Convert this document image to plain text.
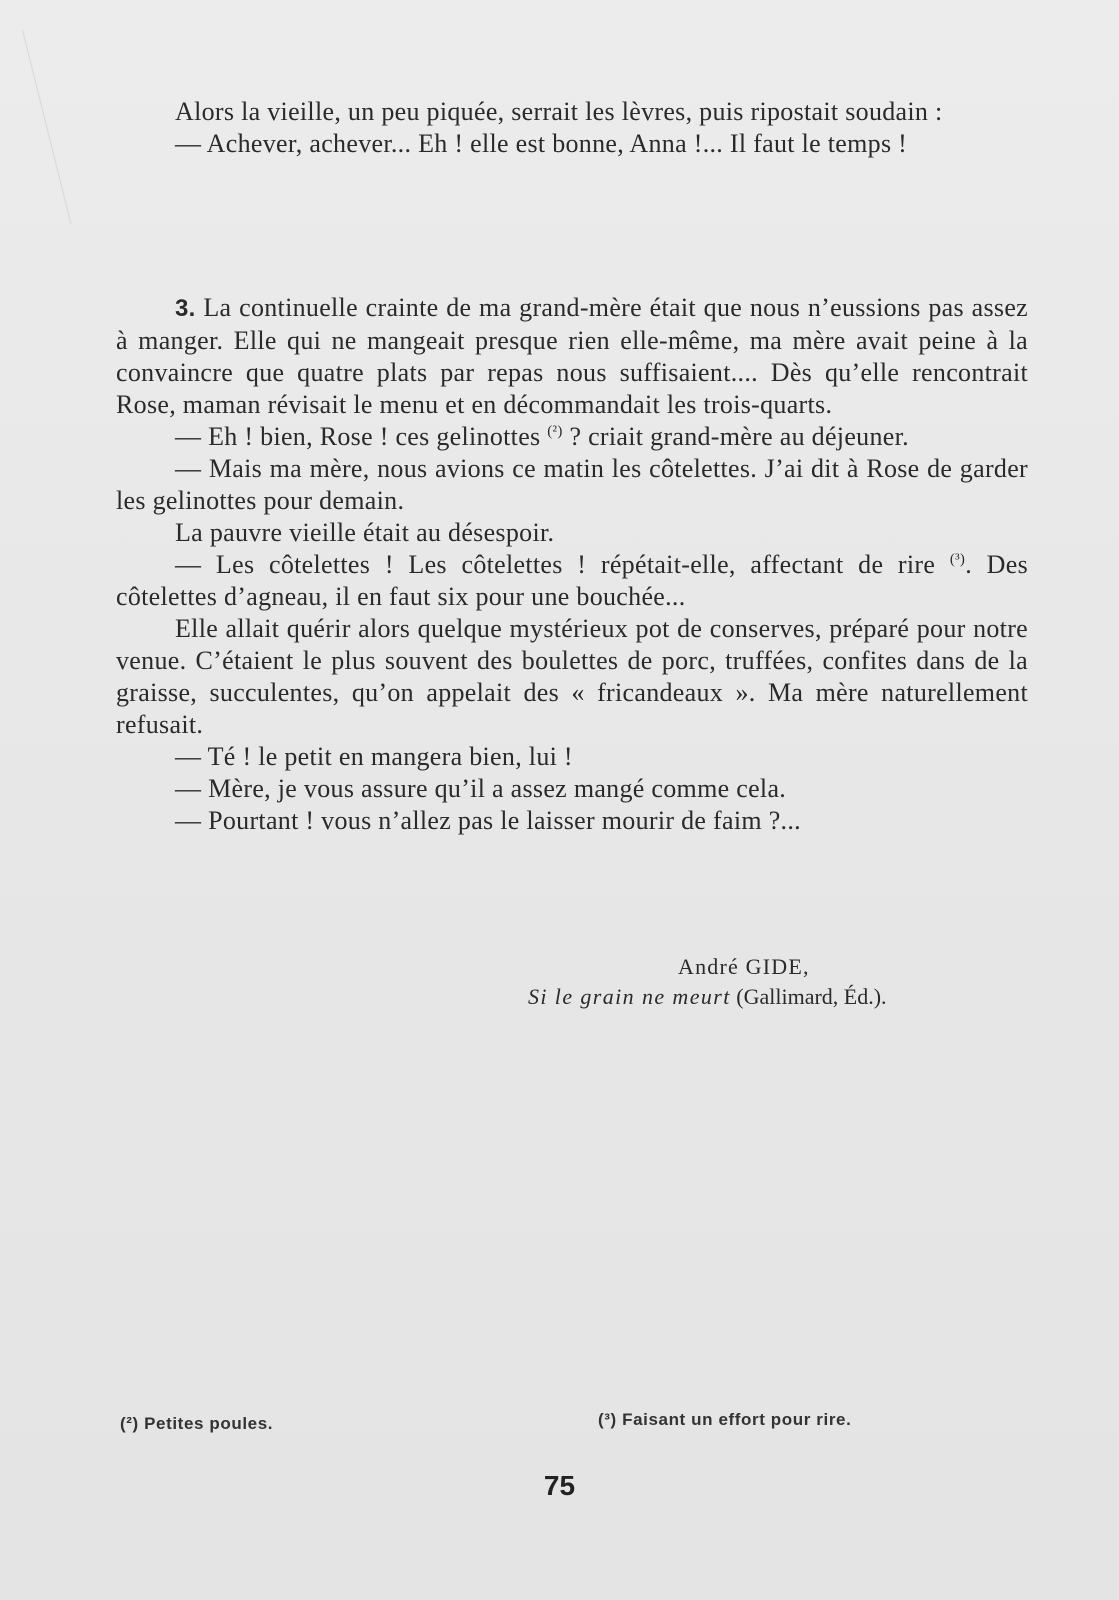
Alors la vieille, un peu piquée, serrait les lèvres, puis ripostait soudain :

— Achever, achever... Eh ! elle est bonne, Anna !... Il faut le temps !

3. La continuelle crainte de ma grand-mère était que nous n’eussions pas assez à manger. Elle qui ne mangeait presque rien elle-même, ma mère avait peine à la convaincre que quatre plats par repas nous suffisaient.... Dès qu’elle rencontrait Rose, maman révisait le menu et en décommandait les trois-quarts.

— Eh ! bien, Rose ! ces gelinottes $^{(^2)}$ ? criait grand-mère au déjeuner.

— Mais ma mère, nous avions ce matin les côtelettes. J’ai dit à Rose de garder les gelinottes pour demain.

La pauvre vieille était au désespoir.

— Les côtelettes ! Les côtelettes ! répétait-elle, affectant de rire $^{(^3)}$. Des côtelettes d’agneau, il en faut six pour une bouchée...

Elle allait quérir alors quelque mystérieux pot de conserves, préparé pour notre venue. C’étaient le plus souvent des boulettes de porc, truffées, confites dans de la graisse, succulentes, qu’on appelait des « fricandeaux ». Ma mère naturellement refusait.

— Té ! le petit en mangera bien, lui !

— Mère, je vous assure qu’il a assez mangé comme cela.

— Pourtant ! vous n’allez pas le laisser mourir de faim ?...

André GIDE,
Si le grain ne meurt (Gallimard, Éd.).
(²) Petites poules.	(³) Faisant un effort pour rire.
75
